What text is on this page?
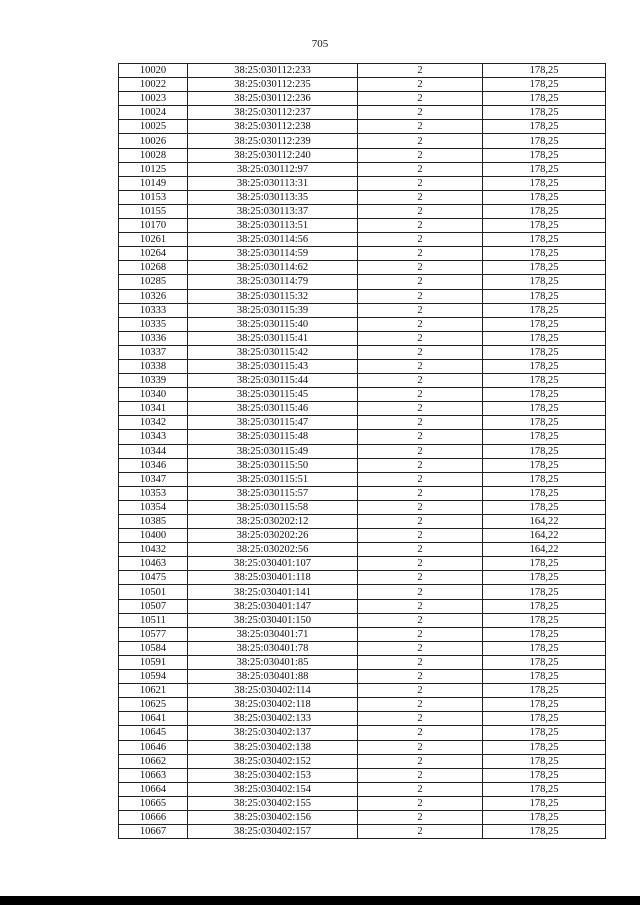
705
10020	38:25:030112:233	2	178,25
10022	38:25:030112:235	2	178,25
10023	38:25:030112:236	2	178,25
10024	38:25:030112:237	2	178,25
10025	38:25:030112:238	2	178,25
10026	38:25:030112:239	2	178,25
10028	38:25:030112:240	2	178,25
10125	38:25:030112:97	2	178,25
10149	38:25:030113:31	2	178,25
10153	38:25:030113:35	2	178,25
10155	38:25:030113:37	2	178,25
10170	38:25:030113:51	2	178,25
10261	38:25:030114:56	2	178,25
10264	38:25:030114:59	2	178,25
10268	38:25:030114:62	2	178,25
10285	38:25:030114:79	2	178,25
10326	38:25:030115:32	2	178,25
10333	38:25:030115:39	2	178,25
10335	38:25:030115:40	2	178,25
10336	38:25:030115:41	2	178,25
10337	38:25:030115:42	2	178,25
10338	38:25:030115:43	2	178,25
10339	38:25:030115:44	2	178,25
10340	38:25:030115:45	2	178,25
10341	38:25:030115:46	2	178,25
10342	38:25:030115:47	2	178,25
10343	38:25:030115:48	2	178,25
10344	38:25:030115:49	2	178,25
10346	38:25:030115:50	2	178,25
10347	38:25:030115:51	2	178,25
10353	38:25:030115:57	2	178,25
10354	38:25:030115:58	2	178,25
10385	38:25:030202:12	2	164,22
10400	38:25:030202:26	2	164,22
10432	38:25:030202:56	2	164,22
10463	38:25:030401:107	2	178,25
10475	38:25:030401:118	2	178,25
10501	38:25:030401:141	2	178,25
10507	38:25:030401:147	2	178,25
10511	38:25:030401:150	2	178,25
10577	38:25:030401:71	2	178,25
10584	38:25:030401:78	2	178,25
10591	38:25:030401:85	2	178,25
10594	38:25:030401:88	2	178,25
10621	38:25:030402:114	2	178,25
10625	38:25:030402:118	2	178,25
10641	38:25:030402:133	2	178,25
10645	38:25:030402:137	2	178,25
10646	38:25:030402:138	2	178,25
10662	38:25:030402:152	2	178,25
10663	38:25:030402:153	2	178,25
10664	38:25:030402:154	2	178,25
10665	38:25:030402:155	2	178,25
10666	38:25:030402:156	2	178,25
10667	38:25:030402:157	2	178,25
